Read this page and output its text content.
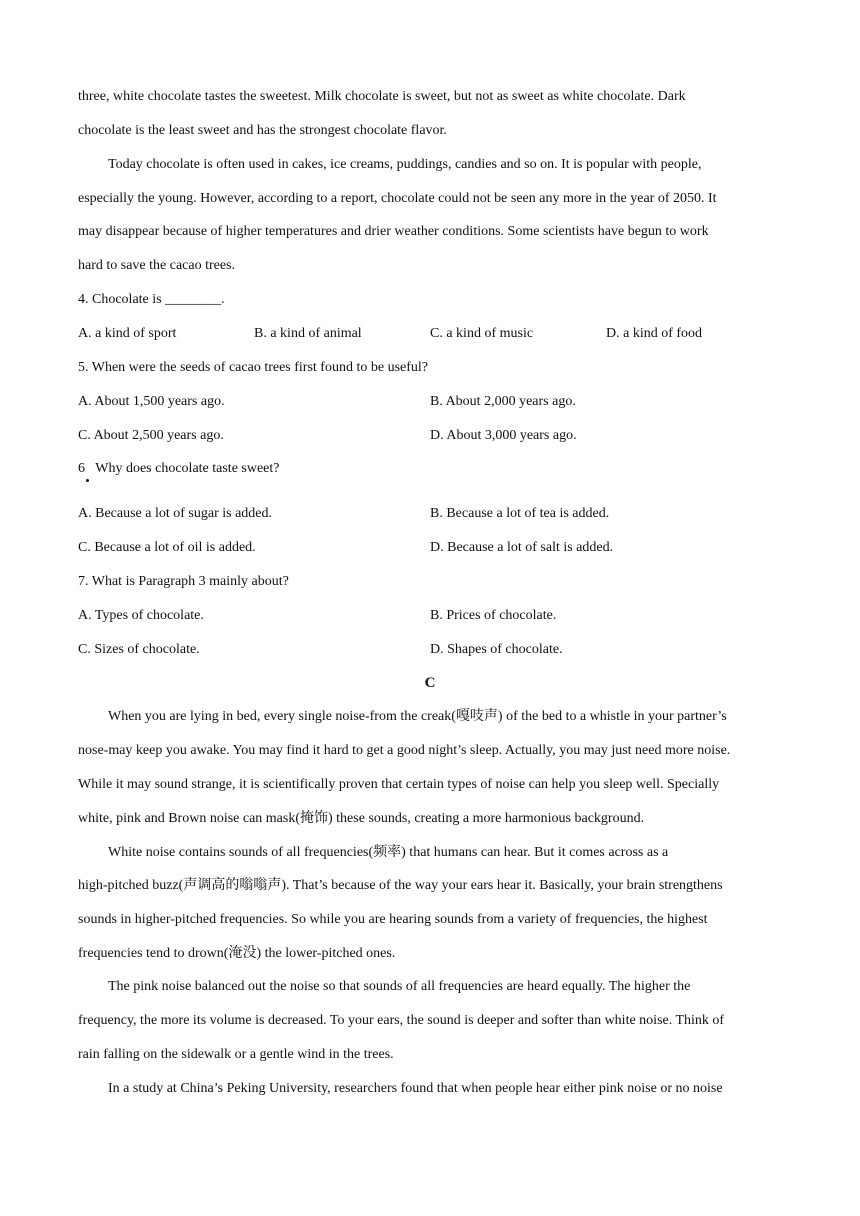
three, white chocolate tastes the sweetest. Milk chocolate is sweet, but not as sweet as white chocolate. Dark
chocolate is the least sweet and has the strongest chocolate flavor.
Today chocolate is often used in cakes, ice creams, puddings, candies and so on. It is popular with people,
especially the young. However, according to a report, chocolate could not be seen any more in the year of 2050. It
may disappear because of higher temperatures and drier weather conditions. Some scientists have begun to work
hard to save the cacao trees.
4. Chocolate is ________.
A. a kind of sport	B. a kind of animal	C. a kind of music	D. a kind of food
5. When were the seeds of cacao trees first found to be useful?
A. About 1,500 years ago.	B. About 2,000 years ago.
C. About 2,500 years ago.	D. About 3,000 years ago.
6   Why does chocolate taste sweet?
A. Because a lot of sugar is added.	B. Because a lot of tea is added.
C. Because a lot of oil is added.	D. Because a lot of salt is added.
7. What is Paragraph 3 mainly about?
A. Types of chocolate.	B. Prices of chocolate.
C. Sizes of chocolate.	D. Shapes of chocolate.
C
When you are lying in bed, every single noise-from the creak(嘎吱声) of the bed to a whistle in your partner’s
nose-may keep you awake. You may find it hard to get a good night’s sleep. Actually, you may just need more noise.
While it may sound strange, it is scientifically proven that certain types of noise can help you sleep well. Specially
white, pink and Brown noise can mask(掩饰) these sounds, creating a more harmonious background.
White noise contains sounds of all frequencies(频率) that humans can hear. But it comes across as a
high-pitched buzz(声调高的嗡嗡声). That’s because of the way your ears hear it. Basically, your brain strengthens
sounds in higher-pitched frequencies. So while you are hearing sounds from a variety of frequencies, the highest
frequencies tend to drown(淹没) the lower-pitched ones.
The pink noise balanced out the noise so that sounds of all frequencies are heard equally. The higher the
frequency, the more its volume is decreased. To your ears, the sound is deeper and softer than white noise. Think of
rain falling on the sidewalk or a gentle wind in the trees.
In a study at China’s Peking University, researchers found that when people hear either pink noise or no noise
